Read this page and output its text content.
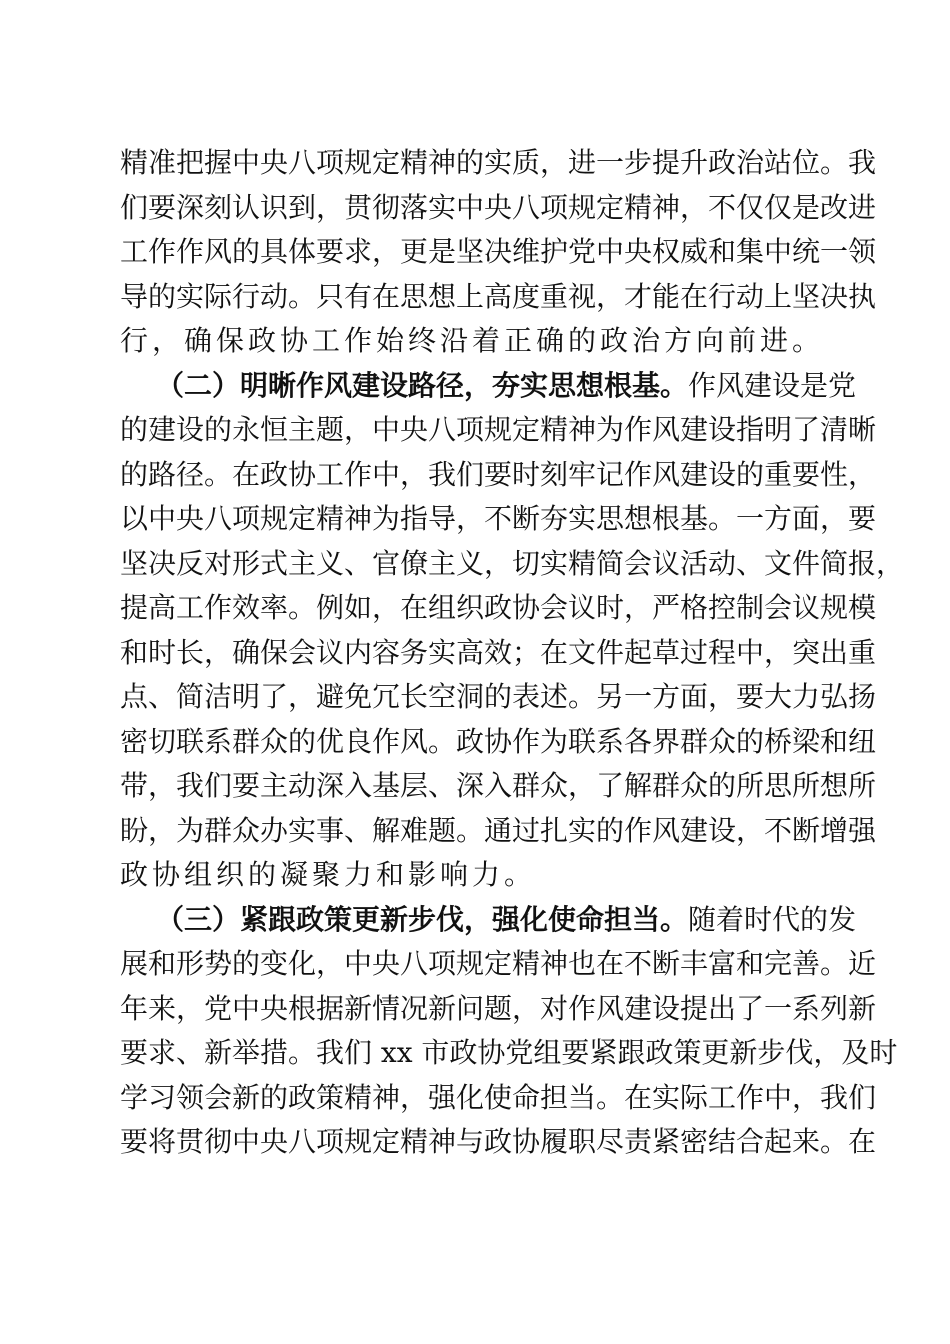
精准把握中央八项规定精神的实质，进一步提升政治站位。我
们要深刻认识到，贯彻落实中央八项规定精神，不仅仅是改进
工作作风的具体要求，更是坚决维护党中央权威和集中统一领
导的实际行动。只有在思想上高度重视，才能在行动上坚决执
行，确保政协工作始终沿着正确的政治方向前进。
（二）明晰作风建设路径，夯实思想根基。作风建设是党
的建设的永恒主题，中央八项规定精神为作风建设指明了清晰
的路径。在政协工作中，我们要时刻牢记作风建设的重要性，
以中央八项规定精神为指导，不断夯实思想根基。一方面，要
坚决反对形式主义、官僚主义，切实精简会议活动、文件简报，
提高工作效率。例如，在组织政协会议时，严格控制会议规模
和时长，确保会议内容务实高效；在文件起草过程中，突出重
点、简洁明了，避免冗长空洞的表述。另一方面，要大力弘扬
密切联系群众的优良作风。政协作为联系各界群众的桥梁和纽
带，我们要主动深入基层、深入群众，了解群众的所思所想所
盼，为群众办实事、解难题。通过扎实的作风建设，不断增强
政协组织的凝聚力和影响力。
（三）紧跟政策更新步伐，强化使命担当。随着时代的发
展和形势的变化，中央八项规定精神也在不断丰富和完善。近
年来，党中央根据新情况新问题，对作风建设提出了一系列新
要求、新举措。我们 xx 市政协党组要紧跟政策更新步伐，及时
学习领会新的政策精神，强化使命担当。在实际工作中，我们
要将贯彻中央八项规定精神与政协履职尽责紧密结合起来。在
